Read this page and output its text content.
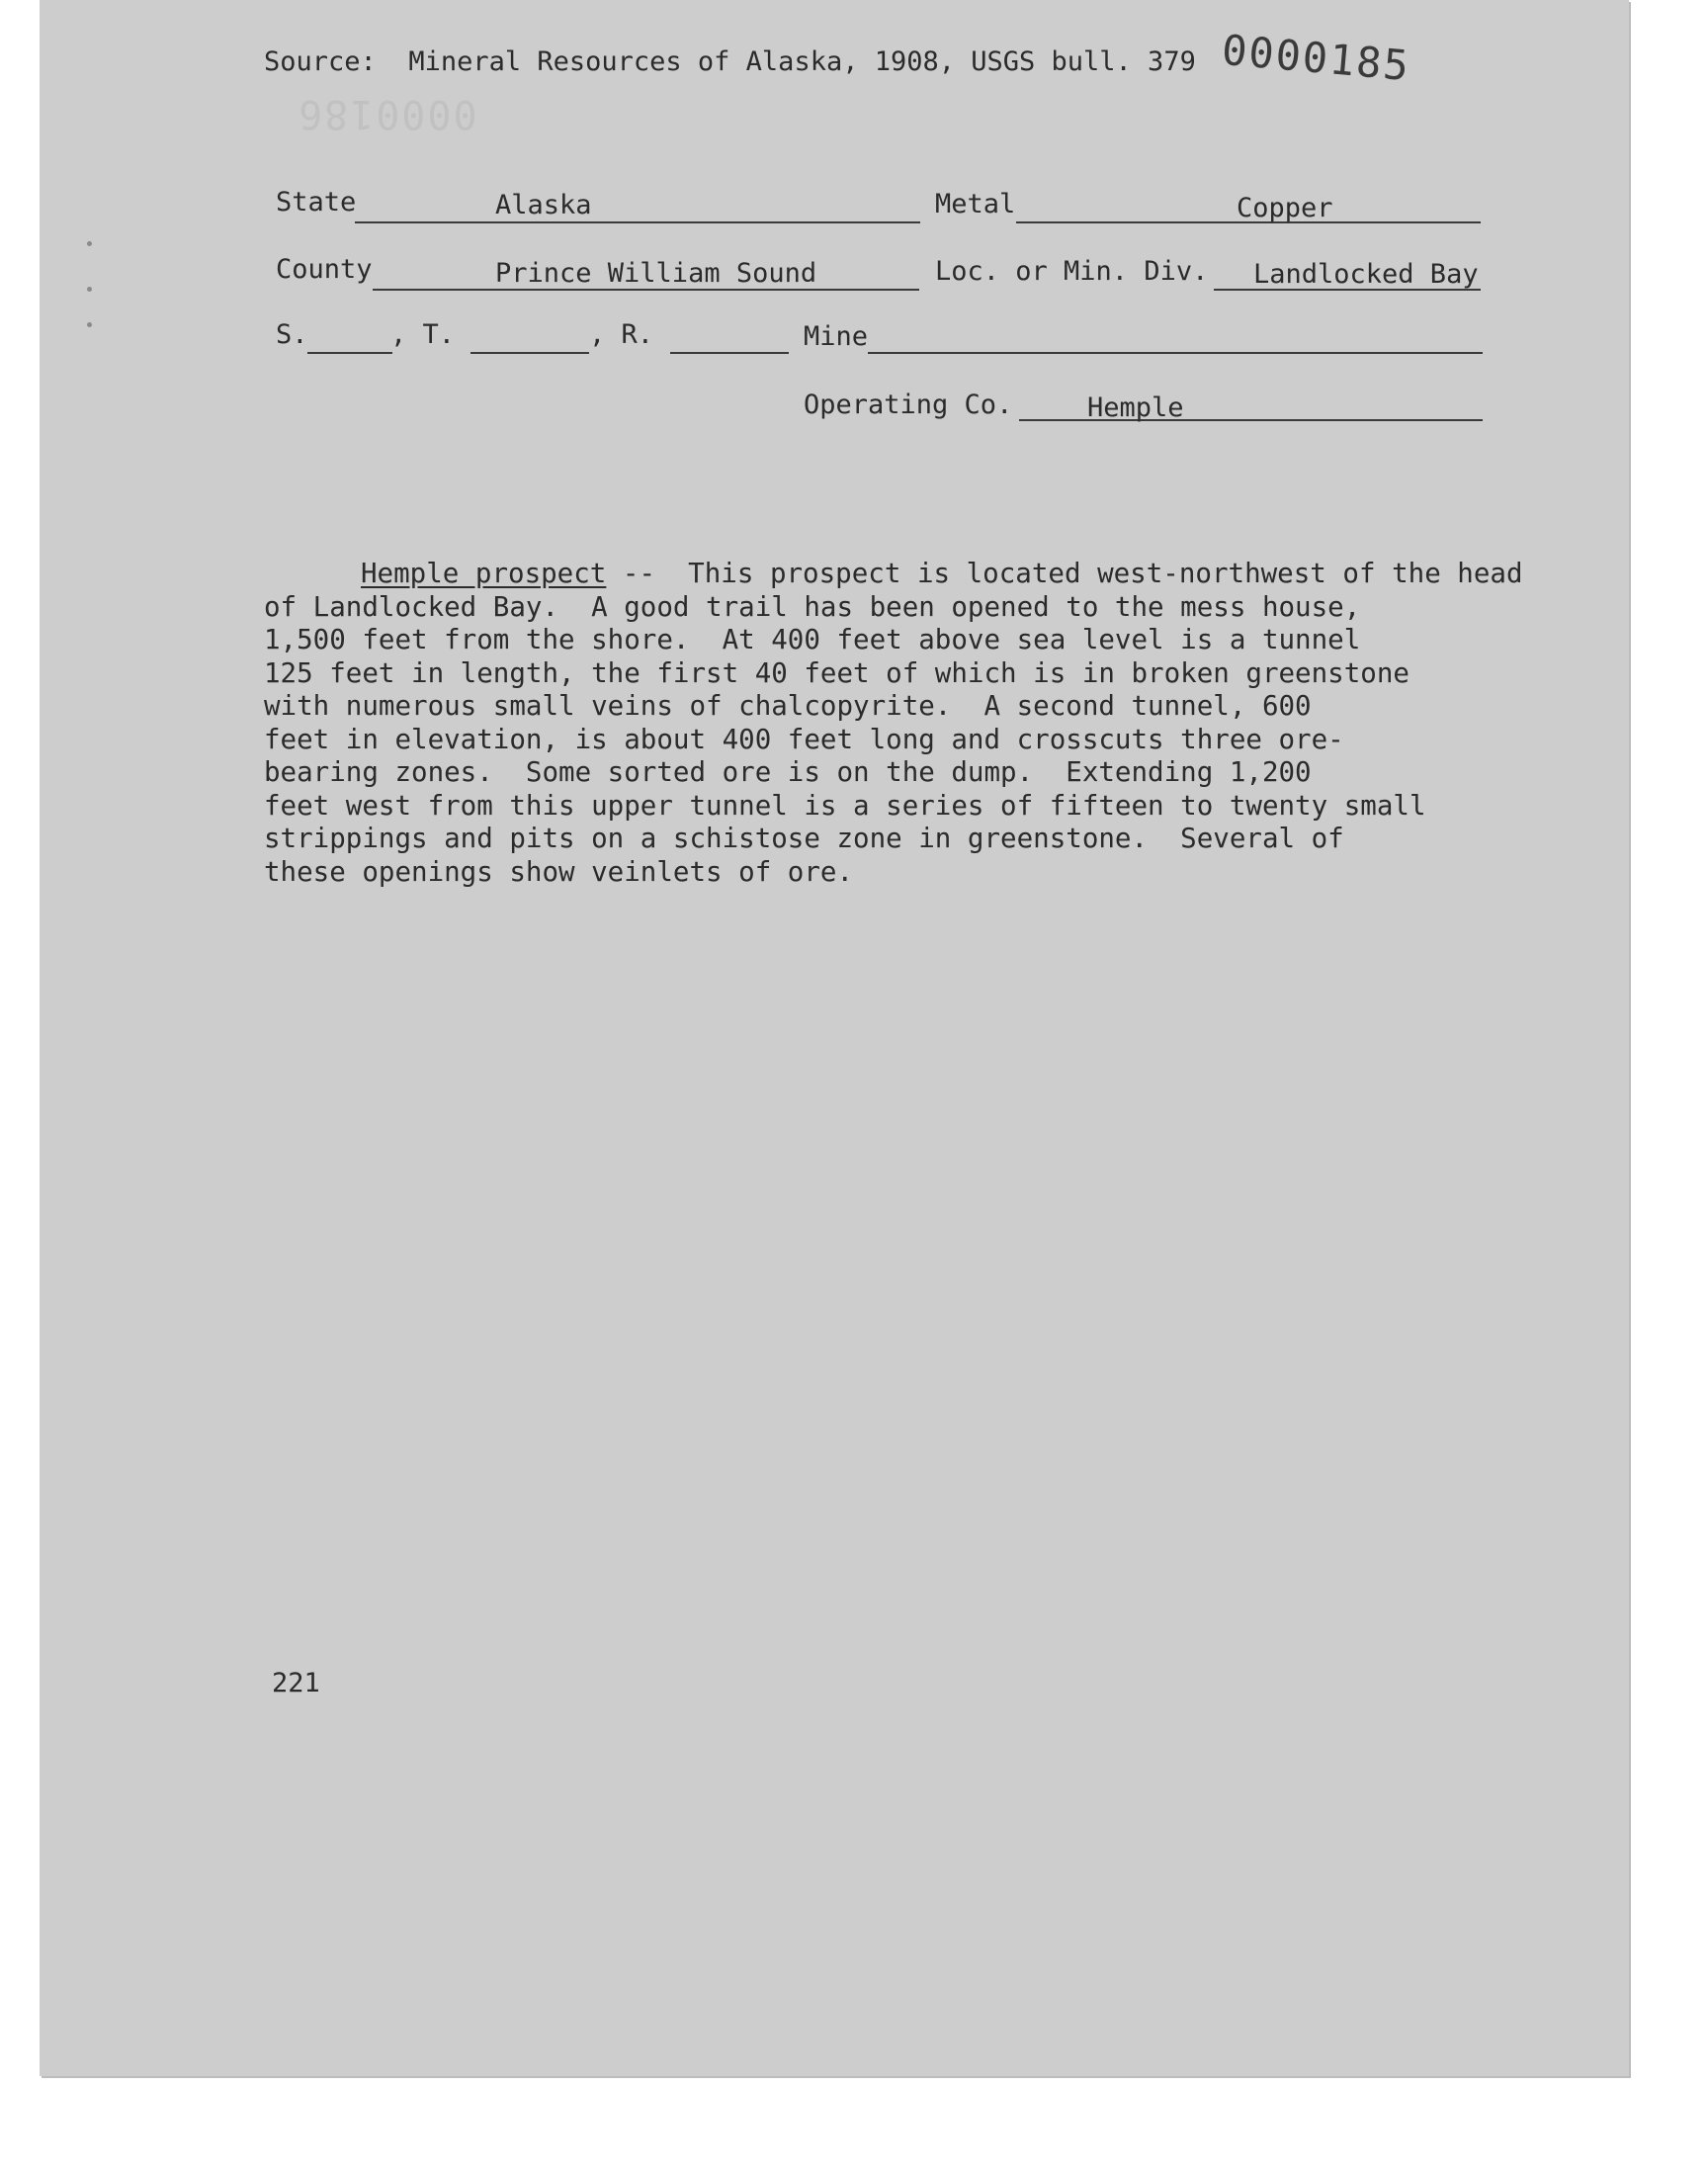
Source: Mineral Resources of Alaska, 1908, USGS bull. 379 0000185
0000186
State	Alaska	Metal	Copper
County	Prince William Sound	Loc. or Min. Div. Landlocked Bay
S.	, T.	, R.	Mine
Operating Co.	Hemple
Hemple prospect --  This prospect is located west-northwest of the head
of Landlocked Bay.  A good trail has been opened to the mess house,
1,500 feet from the shore.  At 400 feet above sea level is a tunnel
125 feet in length, the first 40 feet of which is in broken greenstone
with numerous small veins of chalcopyrite.  A second tunnel, 600
feet in elevation, is about 400 feet long and crosscuts three ore-
bearing zones.  Some sorted ore is on the dump.  Extending 1,200
feet west from this upper tunnel is a series of fifteen to twenty small
strippings and pits on a schistose zone in greenstone.  Several of
these openings show veinlets of ore.
221
